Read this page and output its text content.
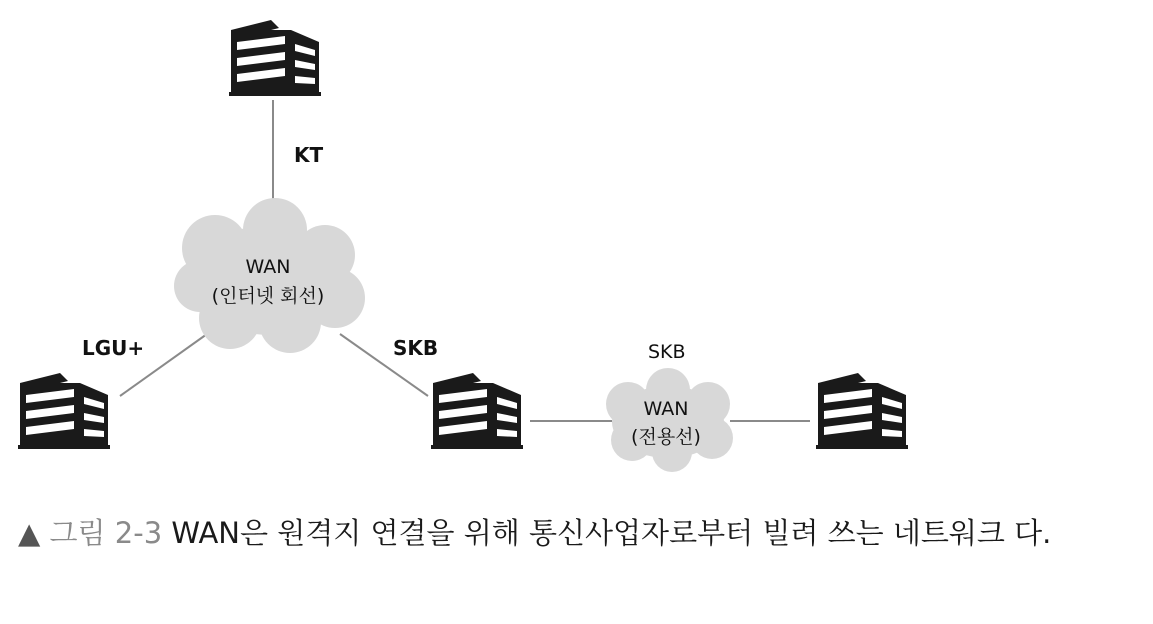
WAN
(인터넷 회선)
WAN
(전용선)
KT
LGU+	SKB	SKB
▲ 그림 2-3 WAN은 원격지 연결을 위해 통신사업자로부터 빌려 쓰는 네트워크 다.
